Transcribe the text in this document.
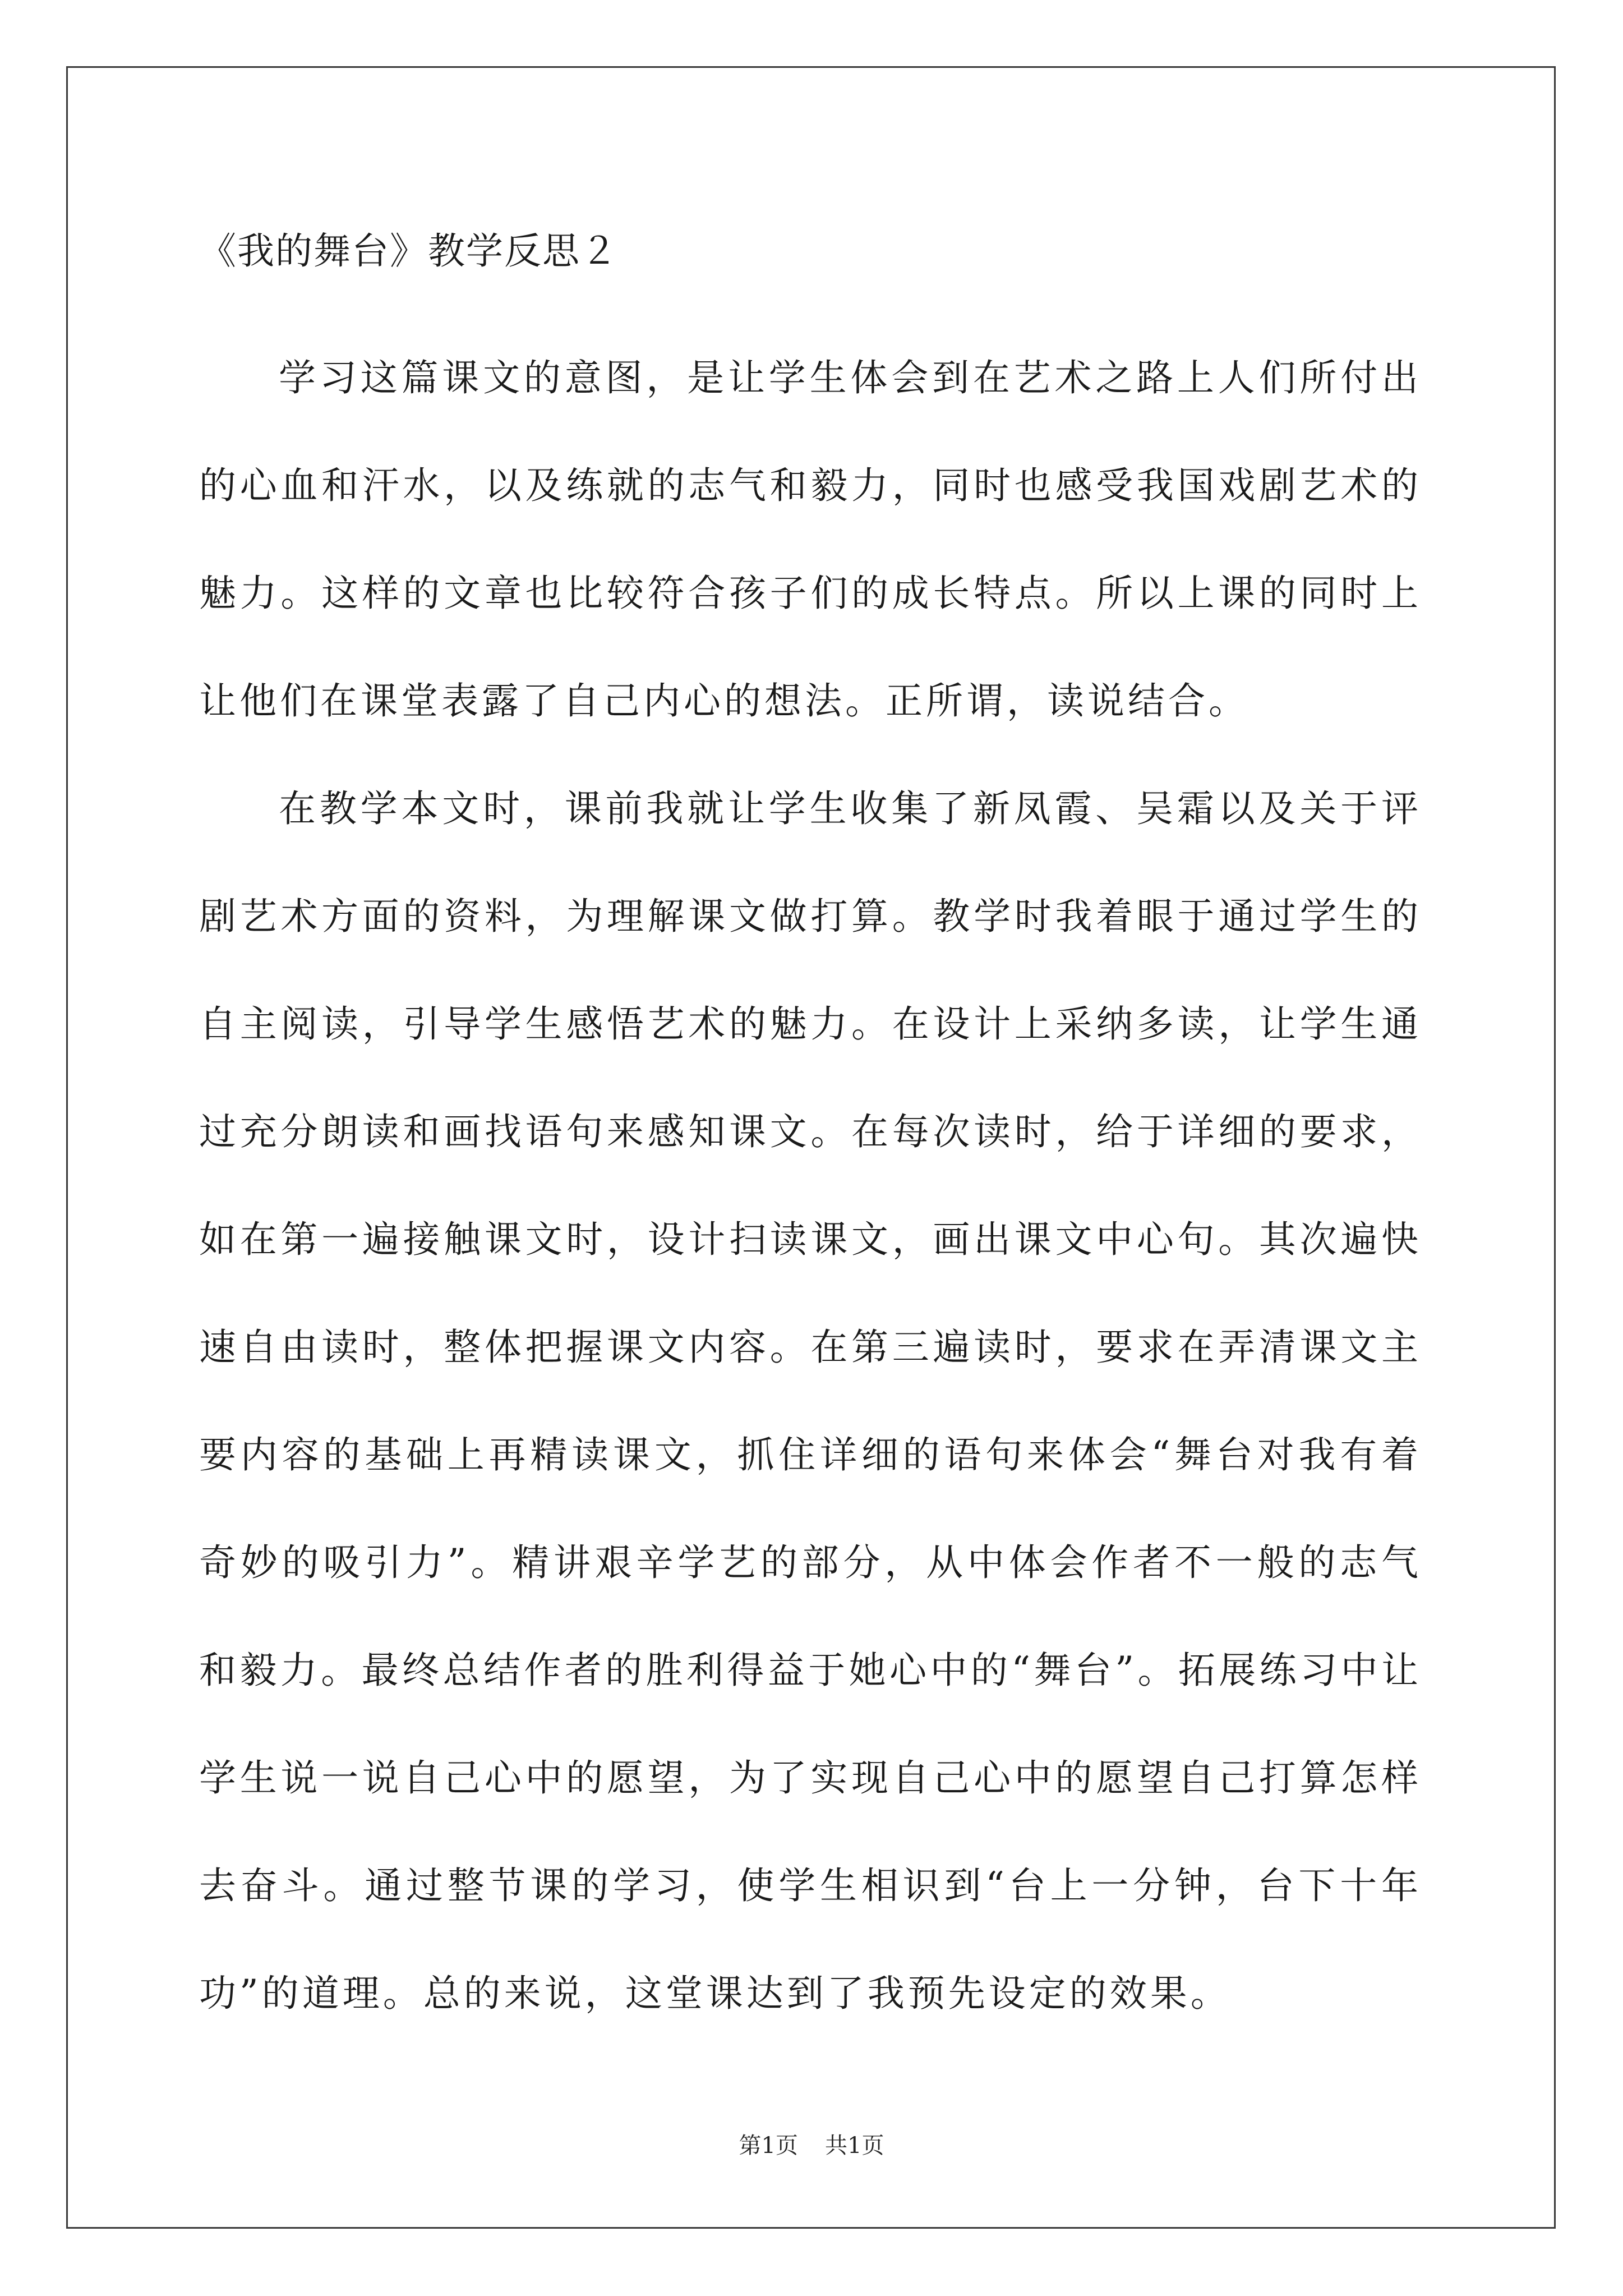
《我的舞台》教学反思２

学习这篇课文的意图，是让学生体会到在艺术之路上人们所付出的心血和汗水，以及练就的志气和毅力，同时也感受我国戏剧艺术的魅力。这样的文章也比较符合孩子们的成长特点。所以上课的同时上让他们在课堂表露了自己内心的想法。正所谓，读说结合。

在教学本文时，课前我就让学生收集了新凤霞、吴霜以及关于评剧艺术方面的资料，为理解课文做打算。教学时我着眼于通过学生的自主阅读，引导学生感悟艺术的魅力。在设计上采纳多读，让学生通过充分朗读和画找语句来感知课文。在每次读时，给于详细的要求，如在第一遍接触课文时，设计扫读课文，画出课文中心句。其次遍快速自由读时，整体把握课文内容。在第三遍读时，要求在弄清课文主要内容的基础上再精读课文，抓住详细的语句来体会“舞台对我有着奇妙的吸引力”。精讲艰辛学艺的部分，从中体会作者不一般的志气和毅力。最终总结作者的胜利得益于她心中的“舞台”。拓展练习中让学生说一说自己心中的愿望，为了实现自己心中的愿望自己打算怎样去奋斗。通过整节课的学习，使学生相识到“台上一分钟，台下十年功”的道理。总的来说，这堂课达到了我预先设定的效果。

第1页 共1页
